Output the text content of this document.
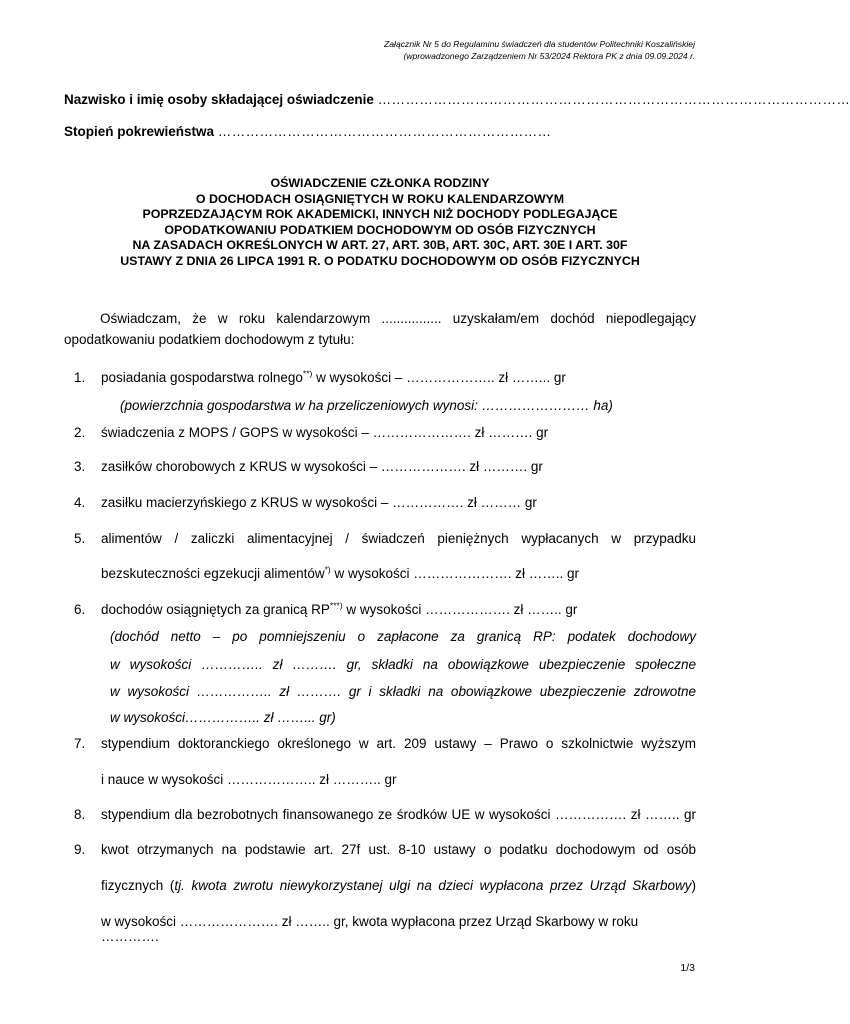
Załącznik Nr 5 do Regulaminu świadczeń dla studentów Politechniki Koszalińskiej
(wprowadzonego Zarządzeniem Nr 53/2024 Rektora PK z dnia 09.09.2024 r.
Nazwisko i imię osoby składającej oświadczenie …………………………………………………………………………………………
Stopień pokrewieństwa ………………………………………………………………
OŚWIADCZENIE CZŁONKA RODZINY
O DOCHODACH OSIĄGNIĘTYCH W ROKU KALENDARZOWYM
POPRZEDZAJĄCYM ROK AKADEMICKI, INNYCH NIŻ DOCHODY PODLEGAJĄCE
OPODATKOWANIU PODATKIEM DOCHODOWYM OD OSÓB FIZYCZNYCH
NA ZASADACH OKREŚLONYCH W ART. 27, ART. 30B, ART. 30C, ART. 30E I ART. 30F
USTAWY Z DNIA 26 LIPCA 1991 R. O PODATKU DOCHODOWYM OD OSÓB FIZYCZNYCH
Oświadczam, że w roku kalendarzowym ................ uzyskałam/em dochód niepodlegający
opodatkowaniu podatkiem dochodowym z tytułu:
1. posiadania gospodarstwa rolnego**) w wysokości – ……………….. zł ……... gr
(powierzchnia gospodarstwa w ha przeliczeniowych wynosi: …………………… ha)
2. świadczenia z MOPS / GOPS w wysokości – …………………. zł ………. gr
3. zasiłków chorobowych z KRUS w wysokości – ………………. zł ………. gr
4. zasiłku macierzyńskiego z KRUS w wysokości – ……………. zł ……… gr
5. alimentów / zaliczki alimentacyjnej / świadczeń pieniężnych wypłacanych w przypadku
bezskuteczności egzekucji alimentów*) w wysokości …………………. zł …….. gr
6. dochodów osiągniętych za granicą RP***) w wysokości ………………. zł …….. gr
(dochód netto – po pomniejszeniu o zapłacone za granicą RP: podatek dochodowy
w wysokości ………….. zł ………. gr, składki na obowiązkowe ubezpieczenie społeczne
w wysokości …………….. zł ………. gr i składki na obowiązkowe ubezpieczenie zdrowotne
w wysokości…………….. zł ……... gr)
7. stypendium doktoranckiego określonego w art. 209 ustawy – Prawo o szkolnictwie wyższym
i nauce w wysokości ……………….. zł ……….. gr
8. stypendium dla bezrobotnych finansowanego ze środków UE w wysokości ……………. zł …….. gr
9. kwot otrzymanych na podstawie art. 27f ust. 8-10 ustawy o podatku dochodowym od osób
fizycznych (tj. kwota zwrotu niewykorzystanej ulgi na dzieci wypłacona przez Urząd Skarbowy)
w wysokości …………………. zł …….. gr, kwota wypłacona przez Urząd Skarbowy w roku ………….
1/3
